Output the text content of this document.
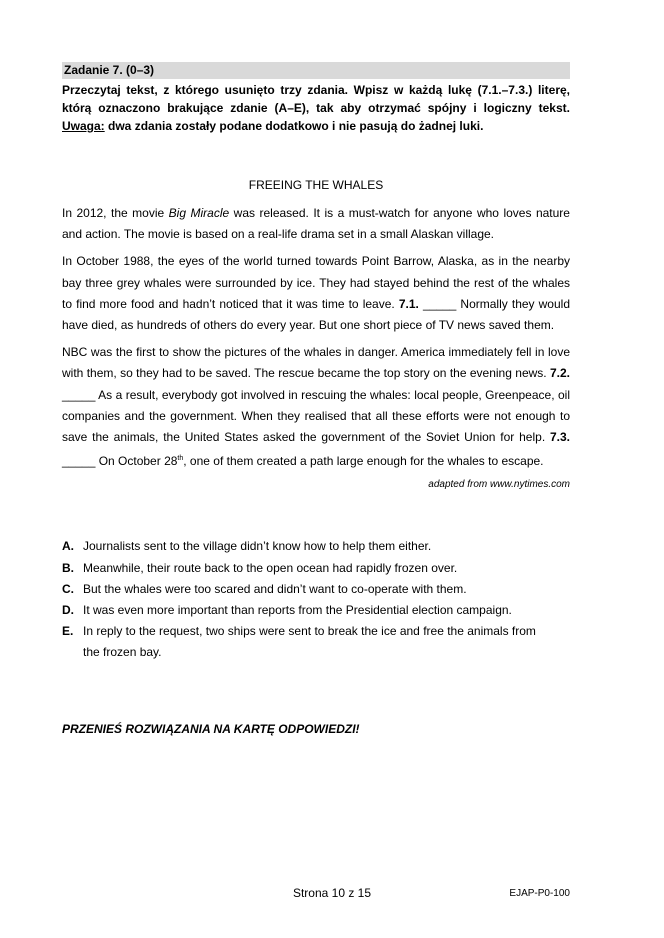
Zadanie 7. (0–3)
Przeczytaj tekst, z którego usunięto trzy zdania. Wpisz w każdą lukę (7.1.–7.3.) literę, którą oznaczono brakujące zdanie (A–E), tak aby otrzymać spójny i logiczny tekst. Uwaga: dwa zdania zostały podane dodatkowo i nie pasują do żadnej luki.
FREEING THE WHALES

In 2012, the movie Big Miracle was released. It is a must-watch for anyone who loves nature and action. The movie is based on a real-life drama set in a small Alaskan village.

In October 1988, the eyes of the world turned towards Point Barrow, Alaska, as in the nearby bay three grey whales were surrounded by ice. They had stayed behind the rest of the whales to find more food and hadn’t noticed that it was time to leave. 7.1. _____ Normally they would have died, as hundreds of others do every year. But one short piece of TV news saved them.

NBC was the first to show the pictures of the whales in danger. America immediately fell in love with them, so they had to be saved. The rescue became the top story on the evening news. 7.2. _____ As a result, everybody got involved in rescuing the whales: local people, Greenpeace, oil companies and the government. When they realised that all these efforts were not enough to save the animals, the United States asked the government of the Soviet Union for help. 7.3. _____ On October 28th, one of them created a path large enough for the whales to escape.

adapted from www.nytimes.com
A. Journalists sent to the village didn’t know how to help them either.
B. Meanwhile, their route back to the open ocean had rapidly frozen over.
C. But the whales were too scared and didn’t want to co-operate with them.
D. It was even more important than reports from the Presidential election campaign.
E. In reply to the request, two ships were sent to break the ice and free the animals from the frozen bay.
PRZENIEŚ ROZWIĄZANIA NA KARTĘ ODPOWIEDZI!
Strona 10 z 15	EJAP-P0-100
